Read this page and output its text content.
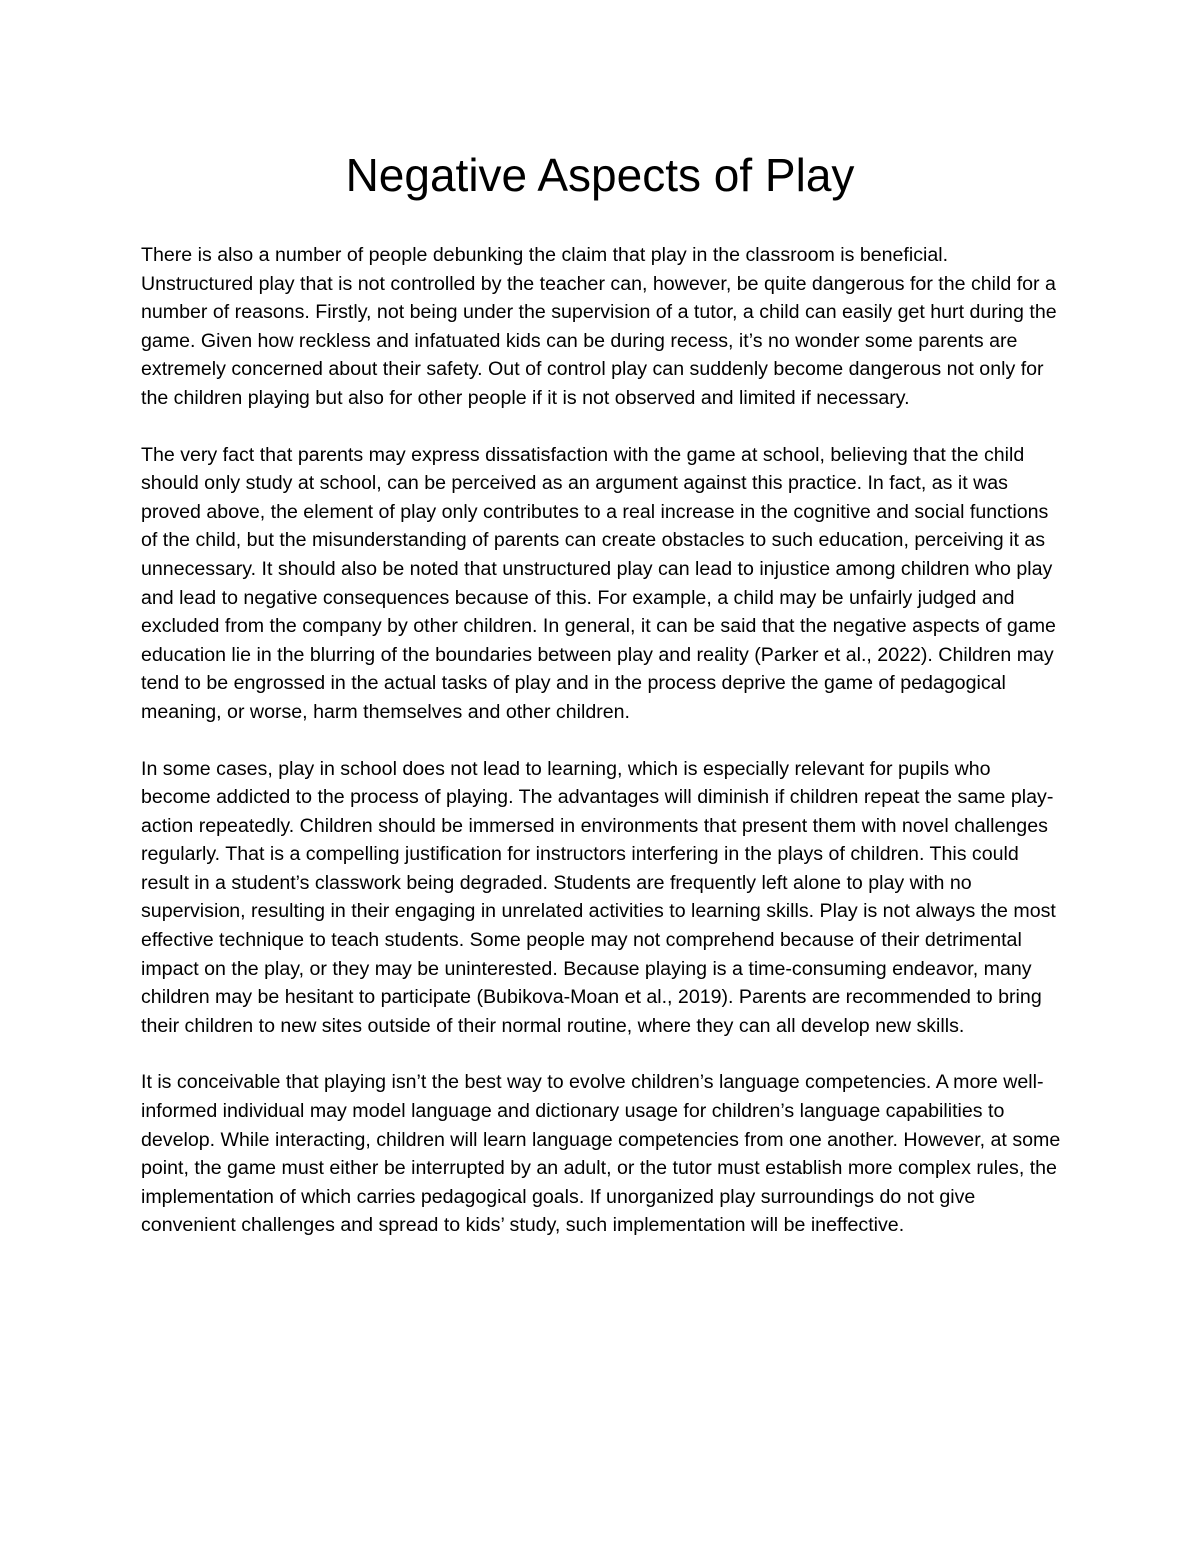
Negative Aspects of Play

There is also a number of people debunking the claim that play in the classroom is beneficial. Unstructured play that is not controlled by the teacher can, however, be quite dangerous for the child for a number of reasons. Firstly, not being under the supervision of a tutor, a child can easily get hurt during the game. Given how reckless and infatuated kids can be during recess, it’s no wonder some parents are extremely concerned about their safety. Out of control play can suddenly become dangerous not only for the children playing but also for other people if it is not observed and limited if necessary.

The very fact that parents may express dissatisfaction with the game at school, believing that the child should only study at school, can be perceived as an argument against this practice. In fact, as it was proved above, the element of play only contributes to a real increase in the cognitive and social functions of the child, but the misunderstanding of parents can create obstacles to such education, perceiving it as unnecessary. It should also be noted that unstructured play can lead to injustice among children who play and lead to negative consequences because of this. For example, a child may be unfairly judged and excluded from the company by other children. In general, it can be said that the negative aspects of game education lie in the blurring of the boundaries between play and reality (Parker et al., 2022). Children may tend to be engrossed in the actual tasks of play and in the process deprive the game of pedagogical meaning, or worse, harm themselves and other children.

In some cases, play in school does not lead to learning, which is especially relevant for pupils who become addicted to the process of playing. The advantages will diminish if children repeat the same play-action repeatedly. Children should be immersed in environments that present them with novel challenges regularly. That is a compelling justification for instructors interfering in the plays of children. This could result in a student’s classwork being degraded. Students are frequently left alone to play with no supervision, resulting in their engaging in unrelated activities to learning skills. Play is not always the most effective technique to teach students. Some people may not comprehend because of their detrimental impact on the play, or they may be uninterested. Because playing is a time-consuming endeavor, many children may be hesitant to participate (Bubikova-Moan et al., 2019). Parents are recommended to bring their children to new sites outside of their normal routine, where they can all develop new skills.

It is conceivable that playing isn’t the best way to evolve children’s language competencies. A more well-informed individual may model language and dictionary usage for children’s language capabilities to develop. While interacting, children will learn language competencies from one another. However, at some point, the game must either be interrupted by an adult, or the tutor must establish more complex rules, the implementation of which carries pedagogical goals. If unorganized play surroundings do not give convenient challenges and spread to kids’ study, such implementation will be ineffective.
